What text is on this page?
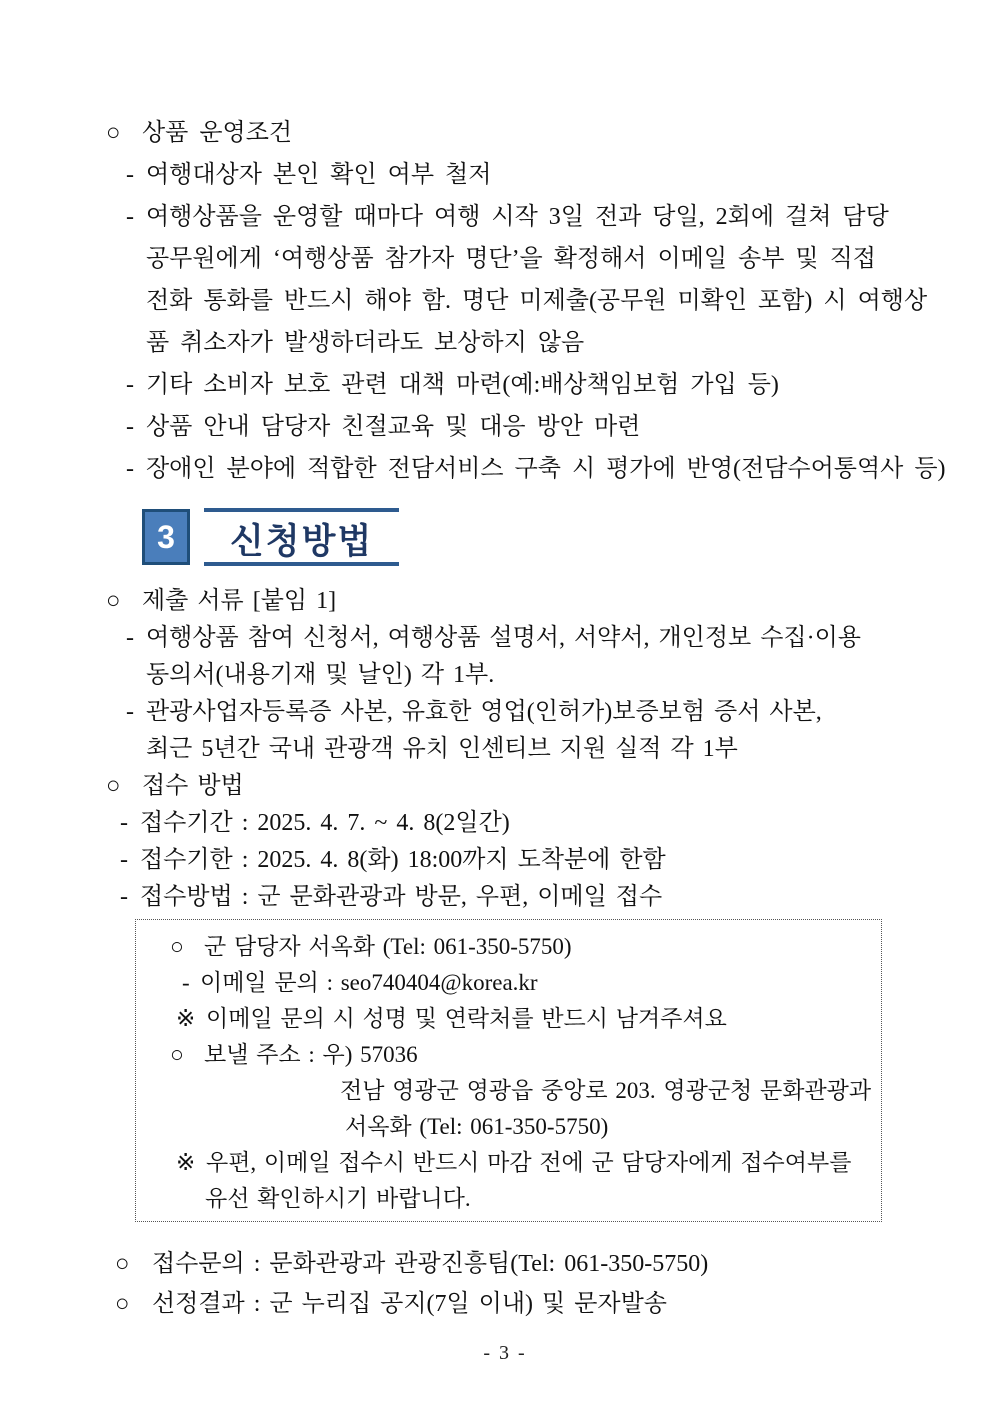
○ 상품 운영조건
- 여행대상자 본인 확인 여부 철저
- 여행상품을 운영할 때마다 여행 시작 3일 전과 당일, 2회에 걸쳐 담당
공무원에게 ‘여행상품 참가자 명단’을 확정해서 이메일 송부 및 직접
전화 통화를 반드시 해야 함. 명단 미제출(공무원 미확인 포함) 시 여행상
품 취소자가 발생하더라도 보상하지 않음
- 기타 소비자 보호 관련 대책 마련(예:배상책임보험 가입 등)
- 상품 안내 담당자 친절교육 및 대응 방안 마련
- 장애인 분야에 적합한 전담서비스 구축 시 평가에 반영(전담수어통역사 등)
3	신청방법
○ 제출 서류 [붙임 1]
- 여행상품 참여 신청서, 여행상품 설명서, 서약서, 개인정보 수집·이용
동의서(내용기재 및 날인) 각 1부.
- 관광사업자등록증 사본, 유효한 영업(인허가)보증보험 증서 사본,
최근 5년간 국내 관광객 유치 인센티브 지원 실적 각 1부
○ 접수 방법
- 접수기간 : 2025. 4. 7. ~ 4. 8(2일간)
- 접수기한 : 2025. 4. 8(화) 18:00까지 도착분에 한함
- 접수방법 : 군 문화관광과 방문, 우편, 이메일 접수
○ 군 담당자 서옥화 (Tel: 061-350-5750)
- 이메일 문의 : seo740404@korea.kr
※ 이메일 문의 시 성명 및 연락처를 반드시 남겨주셔요
○ 보낼 주소 : 우) 57036
전남 영광군 영광읍 중앙로 203. 영광군청 문화관광과
서옥화 (Tel: 061-350-5750)
※ 우편, 이메일 접수시 반드시 마감 전에 군 담당자에게 접수여부를
유선 확인하시기 바랍니다.
○ 접수문의 : 문화관광과 관광진흥팀(Tel: 061-350-5750)
○ 선정결과 : 군 누리집 공지(7일 이내) 및 문자발송
- 3 -
